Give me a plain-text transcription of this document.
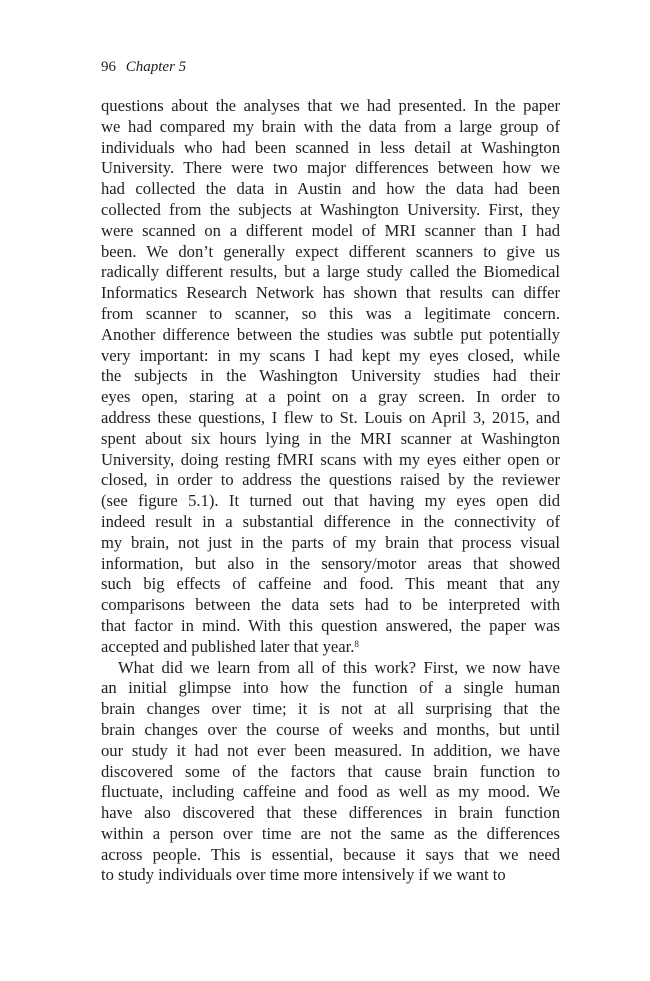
96 Chapter 5
questions about the analyses that we had presented. In the paper
we had compared my brain with the data from a large group of
individuals who had been scanned in less detail at Washington
University. There were two major differences between how we
had collected the data in Austin and how the data had been
collected from the subjects at Washington University. First, they
were scanned on a different model of MRI scanner than I had
been. We don’t generally expect different scanners to give us
radically different results, but a large study called the Biomedical
Informatics Research Network has shown that results can differ
from scanner to scanner, so this was a legitimate concern.
Another difference between the studies was subtle put potentially
very important: in my scans I had kept my eyes closed, while
the subjects in the Washington University studies had their
eyes open, staring at a point on a gray screen. In order to
address these questions, I flew to St. Louis on April 3, 2015, and
spent about six hours lying in the MRI scanner at Washington
University, doing resting fMRI scans with my eyes either open or
closed, in order to address the questions raised by the reviewer
(see figure 5.1). It turned out that having my eyes open did
indeed result in a substantial difference in the connectivity of
my brain, not just in the parts of my brain that process visual
information, but also in the sensory/motor areas that showed
such big effects of caffeine and food. This meant that any
comparisons between the data sets had to be interpreted with
that factor in mind. With this question answered, the paper was
accepted and published later that year.$^8$
What did we learn from all of this work? First, we now have
an initial glimpse into how the function of a single human
brain changes over time; it is not at all surprising that the
brain changes over the course of weeks and months, but until
our study it had not ever been measured. In addition, we have
discovered some of the factors that cause brain function to
fluctuate, including caffeine and food as well as my mood. We
have also discovered that these differences in brain function
within a person over time are not the same as the differences
across people. This is essential, because it says that we need
to study individuals over time more intensively if we want to
